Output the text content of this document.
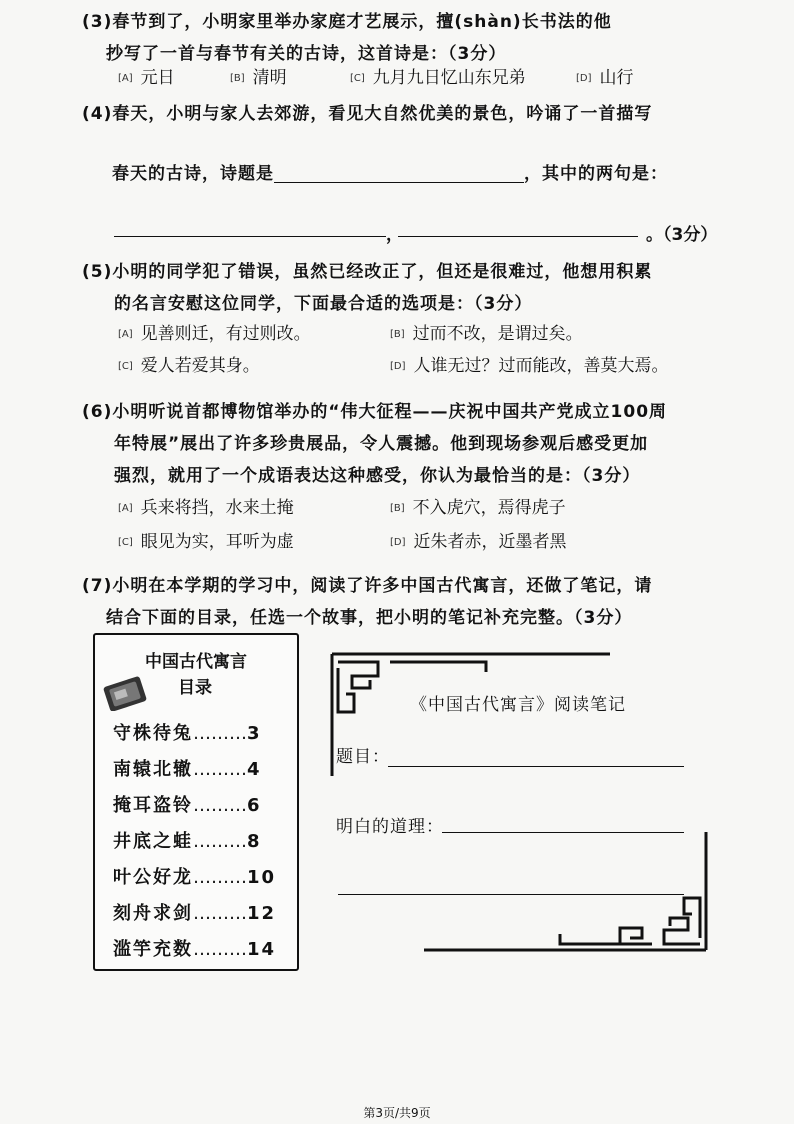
(3)春节到了，小明家里举办家庭才艺展示，擅(shàn)长书法的他
抄写了一首与春节有关的古诗，这首诗是：（3分）
[A] 元日	[B] 清明	[C] 九月九日忆山东兄弟	[D] 山行
(4)春天，小明与家人去郊游，看见大自然优美的景色，吟诵了一首描写
春天的古诗，诗题是	，其中的两句是：
，	。（3分）
(5)小明的同学犯了错误，虽然已经改正了，但还是很难过，他想用积累
的名言安慰这位同学，下面最合适的选项是：（3分）
[A] 见善则迁，有过则改。	[B] 过而不改，是谓过矣。
[C] 爱人若爱其身。	[D] 人谁无过？过而能改，善莫大焉。
(6)小明听说首都博物馆举办的“伟大征程——庆祝中国共产党成立100周
年特展”展出了许多珍贵展品，令人震撼。他到现场参观后感受更加
强烈，就用了一个成语表达这种感受，你认为最恰当的是：（3分）
[A] 兵来将挡，水来土掩	[B] 不入虎穴，焉得虎子
[C] 眼见为实，耳听为虚	[D] 近朱者赤，近墨者黑
(7)小明在本学期的学习中，阅读了许多中国古代寓言，还做了笔记，请
结合下面的目录，任选一个故事，把小明的笔记补充完整。（3分）
中国古代寓言
目录
守株待兔………3
南辕北辙………4
掩耳盗铃………6
井底之蛙………8
叶公好龙………10
刻舟求剑………12
滥竽充数………14
《中国古代寓言》阅读笔记
题目：
明白的道理：
第3页/共9页
